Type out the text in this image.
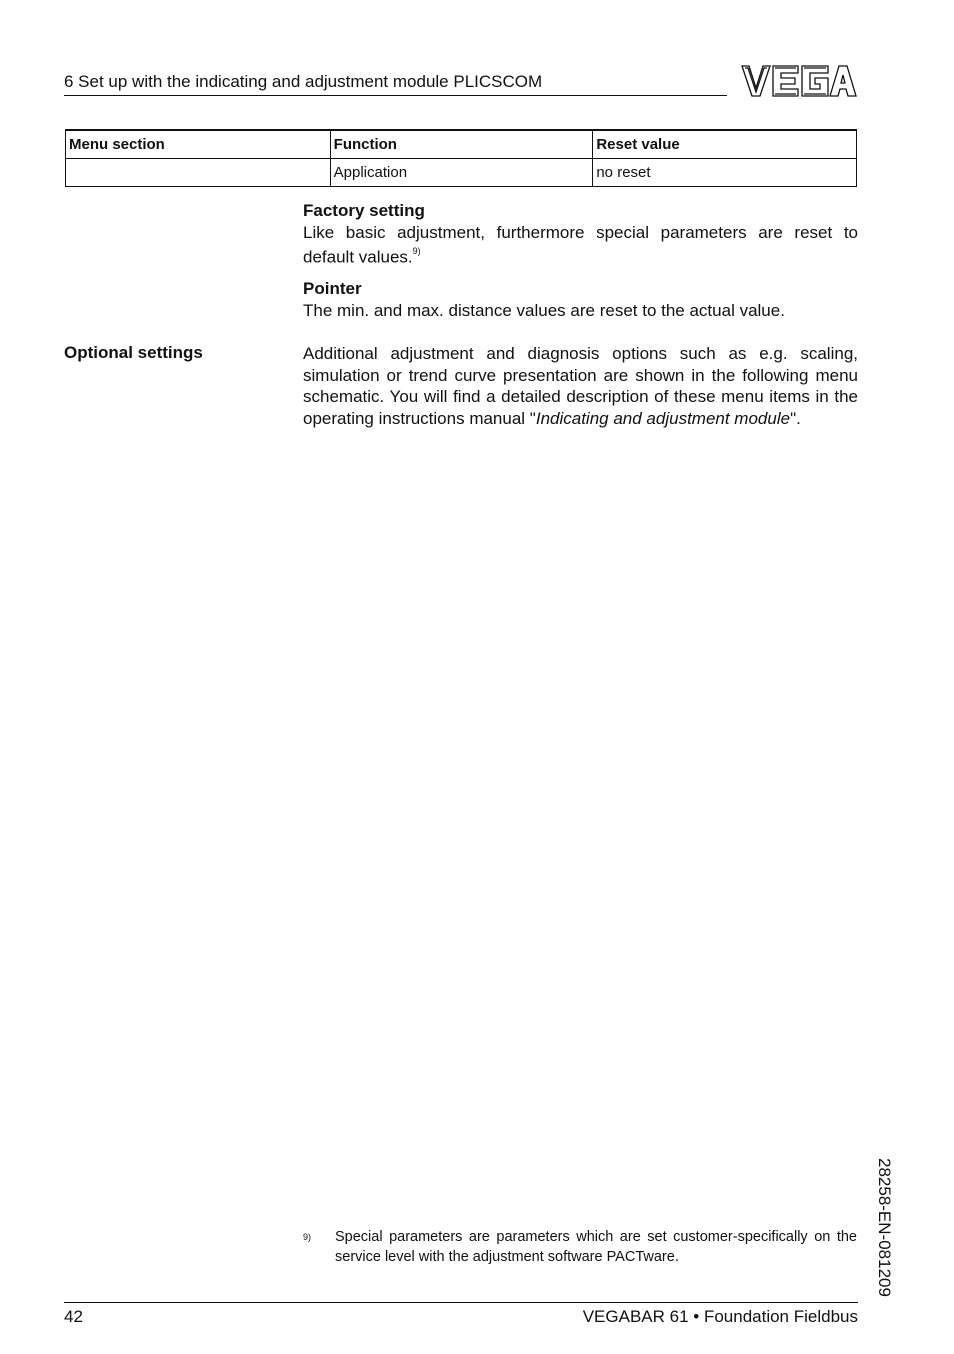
6 Set up with the indicating and adjustment module PLICSCOM
Menu section	Function	Reset value
	Application	no reset
Factory setting
Like basic adjustment, furthermore special parameters are reset to default values.$^{9)}$
Pointer
The min. and max. distance values are reset to the actual value.
Optional settings	Additional adjustment and diagnosis options such as e.g. scaling, simulation or trend curve presentation are shown in the following menu schematic. You will find a detailed description of these menu items in the operating instructions manual "Indicating and adjustment module".
9) Special parameters are parameters which are set customer-specifically on the service level with the adjustment software PACTware.
42	VEGABAR 61 • Foundation Fieldbus
28258-EN-081209
